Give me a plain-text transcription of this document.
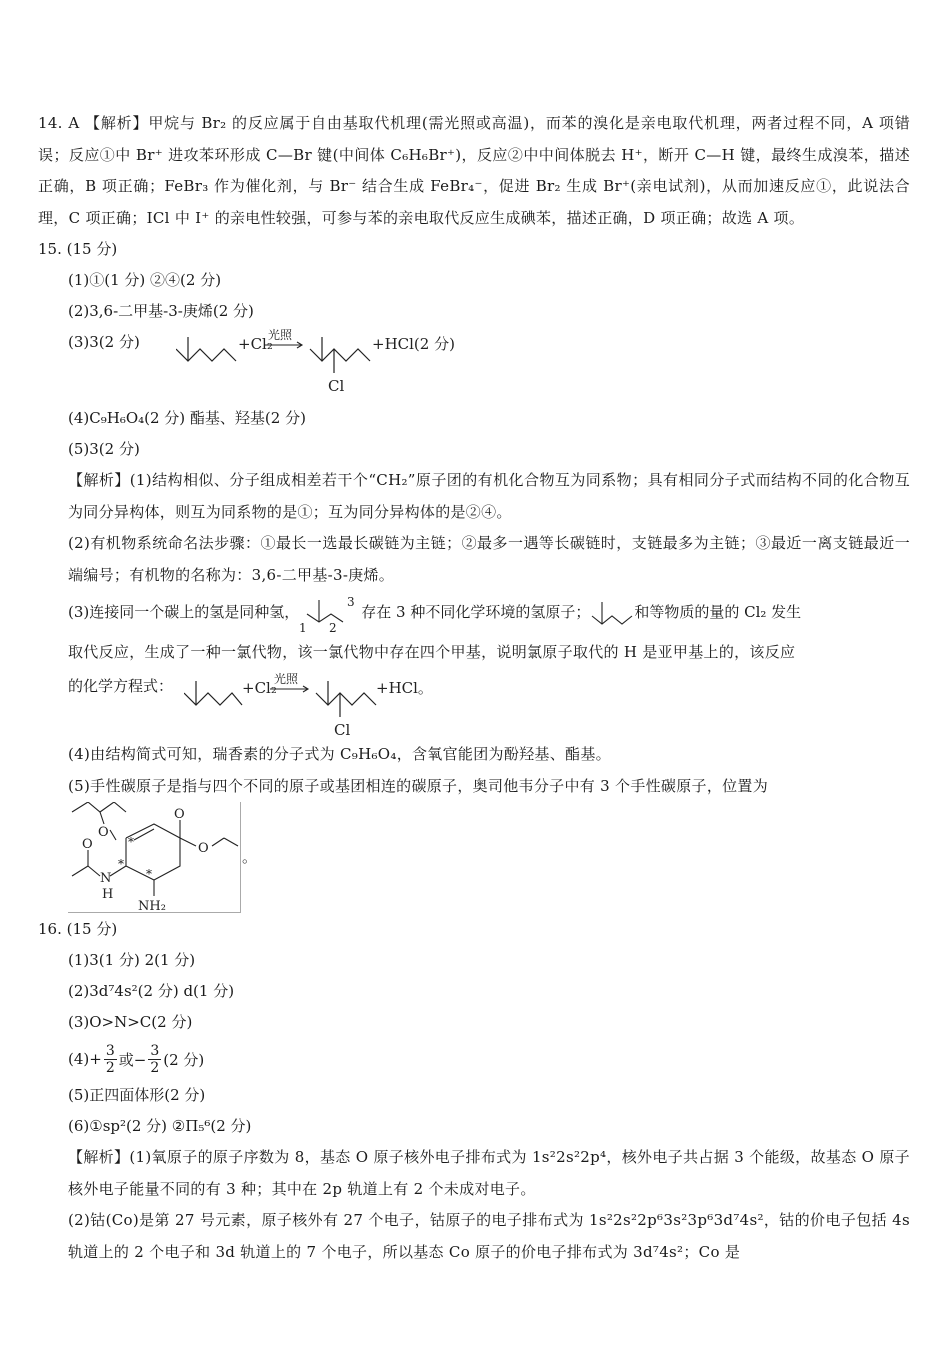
14. A 【解析】甲烷与 Br₂ 的反应属于自由基取代机理(需光照或高温)，而苯的溴化是亲电取代机理，两者过程不同，A 项错误；反应①中 Br⁺ 进攻苯环形成 C—Br 键(中间体 C₆H₆Br⁺)，反应②中中间体脱去 H⁺，断开 C—H 键，最终生成溴苯，描述正确，B 项正确；FeBr₃ 作为催化剂，与 Br⁻ 结合生成 FeBr₄⁻，促进 Br₂ 生成 Br⁺(亲电试剂)，从而加速反应①，此说法合理，C 项正确；ICl 中 I⁺ 的亲电性较强，可参与苯的亲电取代反应生成碘苯，描述正确，D 项正确；故选 A 项。
15. (15 分)
(1)①(1 分) ②④(2 分)
(2)3,6-二甲基-3-庚烯(2 分)
(3)3(2 分)	+Cl₂
光照
Cl
+HCl(2 分)
(4)C₉H₆O₄(2 分) 酯基、羟基(2 分)
(5)3(2 分)
【解析】(1)结构相似、分子组成相差若干个“CH₂”原子团的有机化合物互为同系物；具有相同分子式而结构不同的化合物互为同分异构体，则互为同系物的是①；互为同分异构体的是②④。
(2)有机物系统命名法步骤：①最长一选最长碳链为主链；②最多一遇等长碳链时，支链最多为主链；③最近一离支链最近一端编号；有机物的名称为：3,6-二甲基-3-庚烯。
(3)连接同一个碳上的氢是同种氢，
1 2
3
存在 3 种不同化学环境的氢原子；	和等物质的量的 Cl₂ 发生
取代反应，生成了一种一氯代物，该一氯代物中存在四个甲基，说明氯原子取代的 H 是亚甲基上的，该反应
的化学方程式：	+Cl₂
光照
Cl
+HCl。
(4)由结构简式可知，瑞香素的分子式为 C₉H₆O₄，含氧官能团为酚羟基、酯基。
(5)手性碳原子是指与四个不同的原子或基团相连的碳原子，奥司他韦分子中有 3 个手性碳原子，位置为
O
O
O
O
N
H
NH₂
*
*
*
。
16. (15 分)
(1)3(1 分) 2(1 分)
(2)3d⁷4s²(2 分) d(1 分)
(3)O>N>C(2 分)
$(4)+ \frac{3}{2}$ 或− $\frac{3}{2} (2$ 分)
(5)正四面体形(2 分)
(6)①sp²(2 分) ②Π₅⁶(2 分)
【解析】(1)氧原子的原子序数为 8，基态 O 原子核外电子排布式为 1s²2s²2p⁴，核外电子共占据 3 个能级，故基态 O 原子核外电子能量不同的有 3 种；其中在 2p 轨道上有 2 个未成对电子。
(2)钴(Co)是第 27 号元素，原子核外有 27 个电子，钴原子的电子排布式为 1s²2s²2p⁶3s²3p⁶3d⁷4s²，钴的价电子包括 4s 轨道上的 2 个电子和 3d 轨道上的 7 个电子，所以基态 Co 原子的价电子排布式为 3d⁷4s²；Co 是
